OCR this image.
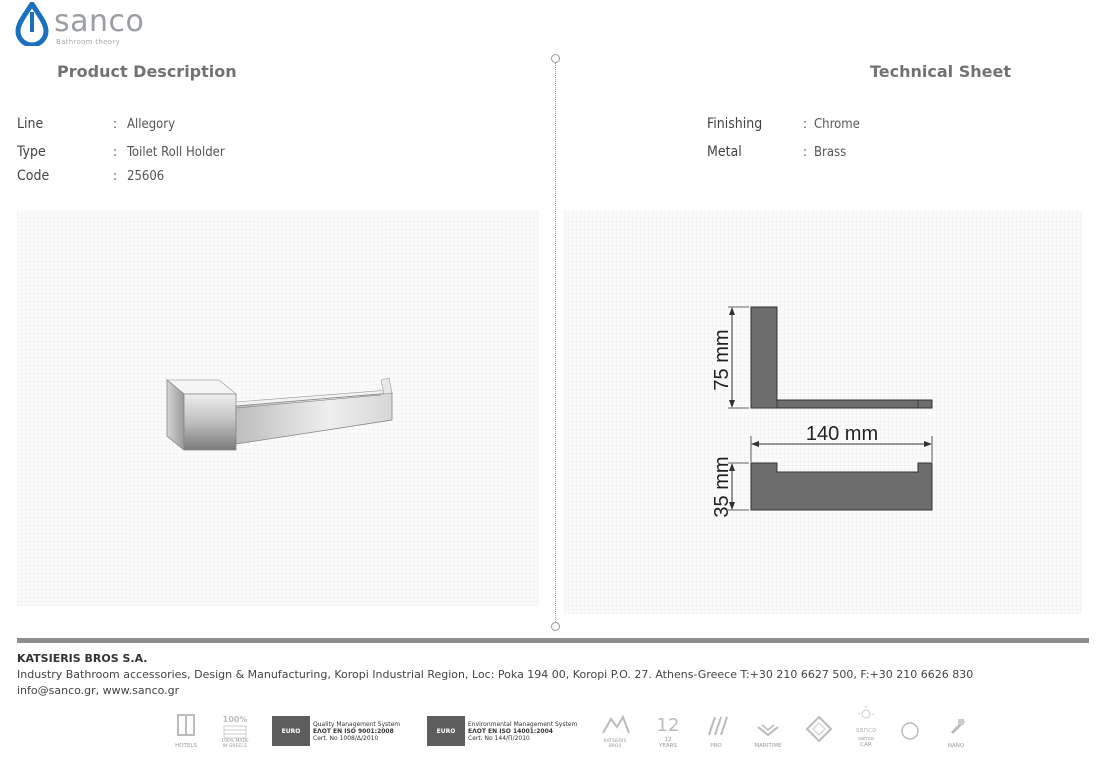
sanco
Bathroom theory
Product Description	Technical Sheet
Line	: Allegory
Type	: Toilet Roll Holder
Code	: 25606
Finishing	: Chrome
Metal	: Brass
75 mm
140 mm
35 mm
KATSIERIS BROS S.A.
Industry Bathroom accessories, Design & Manufacturing, Koropi Industrial Region, Loc: Poka 194 00, Koropi P.O. 27. Athens-Greece T:+30 210 6627 500, F:+30 210 6626 830
info@sanco.gr, www.sanco.gr
HOTELS
100%
100% MADE IN GREECE
EURO
Quality Management System
EΛΟΤ EN ISO 9001:2008
Cert. No 1008/Δ/2010
EURO
Environmental Management System
EΛΟΤ EN ISO 14001:2004
Cert. No 144/Π/2010	KATSIERIS BROS
12
12 YEARS	PRO	MARITIME
sanco
sanco CAR	NANO
